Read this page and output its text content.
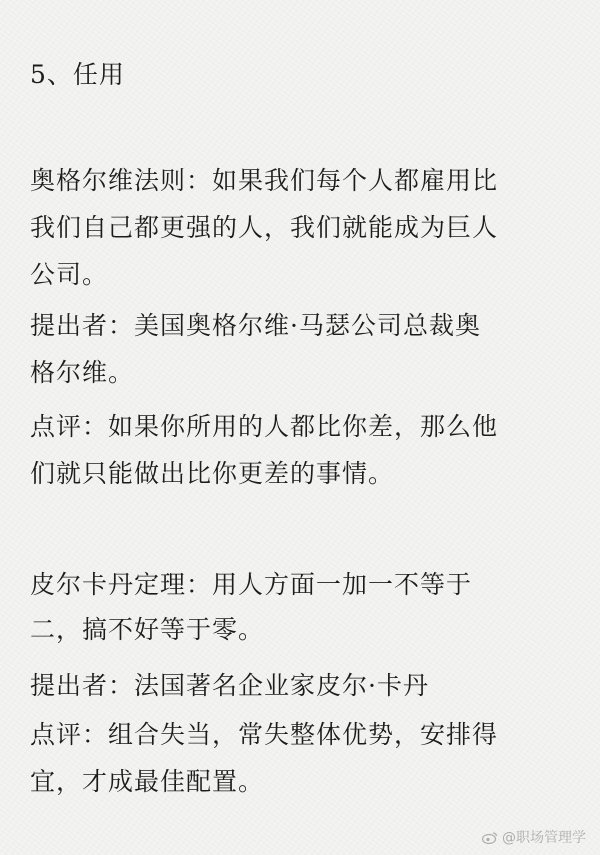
5、任用

奥格尔维法则：如果我们每个人都雇用比
我们自己都更强的人，我们就能成为巨人
公司。

提出者：美国奥格尔维·马瑟公司总裁奥
格尔维。

点评：如果你所用的人都比你差，那么他
们就只能做出比你更差的事情。

皮尔卡丹定理：用人方面一加一不等于

二，搞不好等于零。

提出者：法国著名企业家皮尔·卡丹

点评：组合失当，常失整体优势，安排得
宜，才成最佳配置。

@职场管理学
